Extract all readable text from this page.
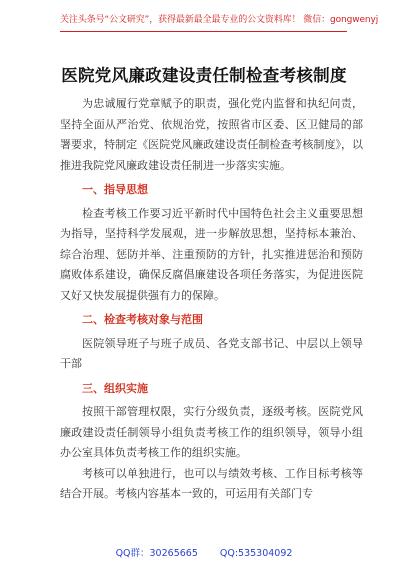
关注头条号“公文研究”，获得最新最全最专业的公文资料库！ 微信：gongwenyj
医院党风廉政建设责任制检查考核制度

为忠诚履行党章赋予的职责，强化党内监督和执纪问责，坚持全面从严治党、依规治党，按照省市区委、区卫健局的部署要求，特制定《医院党风廉政建设责任制检查考核制度》，以推进我院党风廉政建设责任制进一步落实实施。

一、指导思想

检查考核工作要习近平新时代中国特色社会主义重要思想为指导，坚持科学发展观，进一步解放思想，坚持标本兼治、综合治理、惩防并举、注重预防的方针，扎实推进惩治和预防腐败体系建设，确保反腐倡廉建设各项任务落实，为促进医院又好又快发展提供强有力的保障。

二、检查考核对象与范围

医院领导班子与班子成员、各党支部书记、中层以上领导干部

三、组织实施

按照干部管理权限，实行分级负责，逐级考核。医院党风廉政建设责任制领导小组负责考核工作的组织领导，领导小组办公室具体负责考核工作的组织实施。

考核可以单独进行，也可以与绩效考核、工作目标考核等结合开展。考核内容基本一致的，可运用有关部门专

QQ群：30265665 QQ:535304092
